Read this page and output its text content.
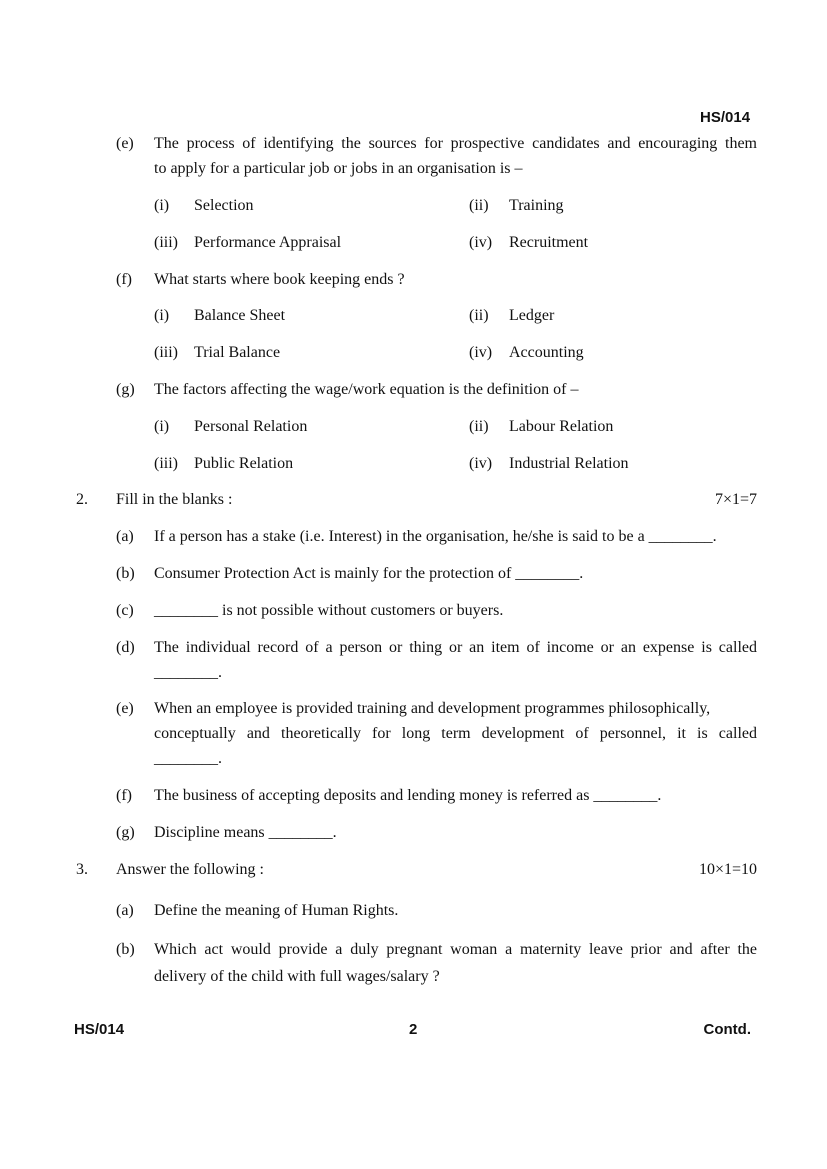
HS/014
(e) The process of identifying the sources for prospective candidates and encouraging them
to apply for a particular job or jobs in an organisation is –
(i) Selection	(ii) Training
(iii) Performance Appraisal	(iv) Recruitment
(f) What starts where book keeping ends ?
(i) Balance Sheet	(ii) Ledger
(iii) Trial Balance	(iv) Accounting
(g) The factors affecting the wage/work equation is the definition of –
(i) Personal Relation	(ii) Labour Relation
(iii) Public Relation	(iv) Industrial Relation
2. Fill in the blanks :	7×1=7
(a) If a person has a stake (i.e. Interest) in the organisation, he/she is said to be a ________.
(b) Consumer Protection Act is mainly for the protection of ________.
(c) ________ is not possible without customers or buyers.
(d) The individual record of a person or thing or an item of income or an expense is called
________.
(e) When an employee is provided training and development programmes philosophically,
conceptually and theoretically for long term development of personnel, it is called
________.
(f) The business of accepting deposits and lending money is referred as ________.
(g) Discipline means ________.
3. Answer the following :	10×1=10
(a) Define the meaning of Human Rights.
(b) Which act would provide a duly pregnant woman a maternity leave prior and after the
delivery of the child with full wages/salary ?
HS/014	2	Contd.
